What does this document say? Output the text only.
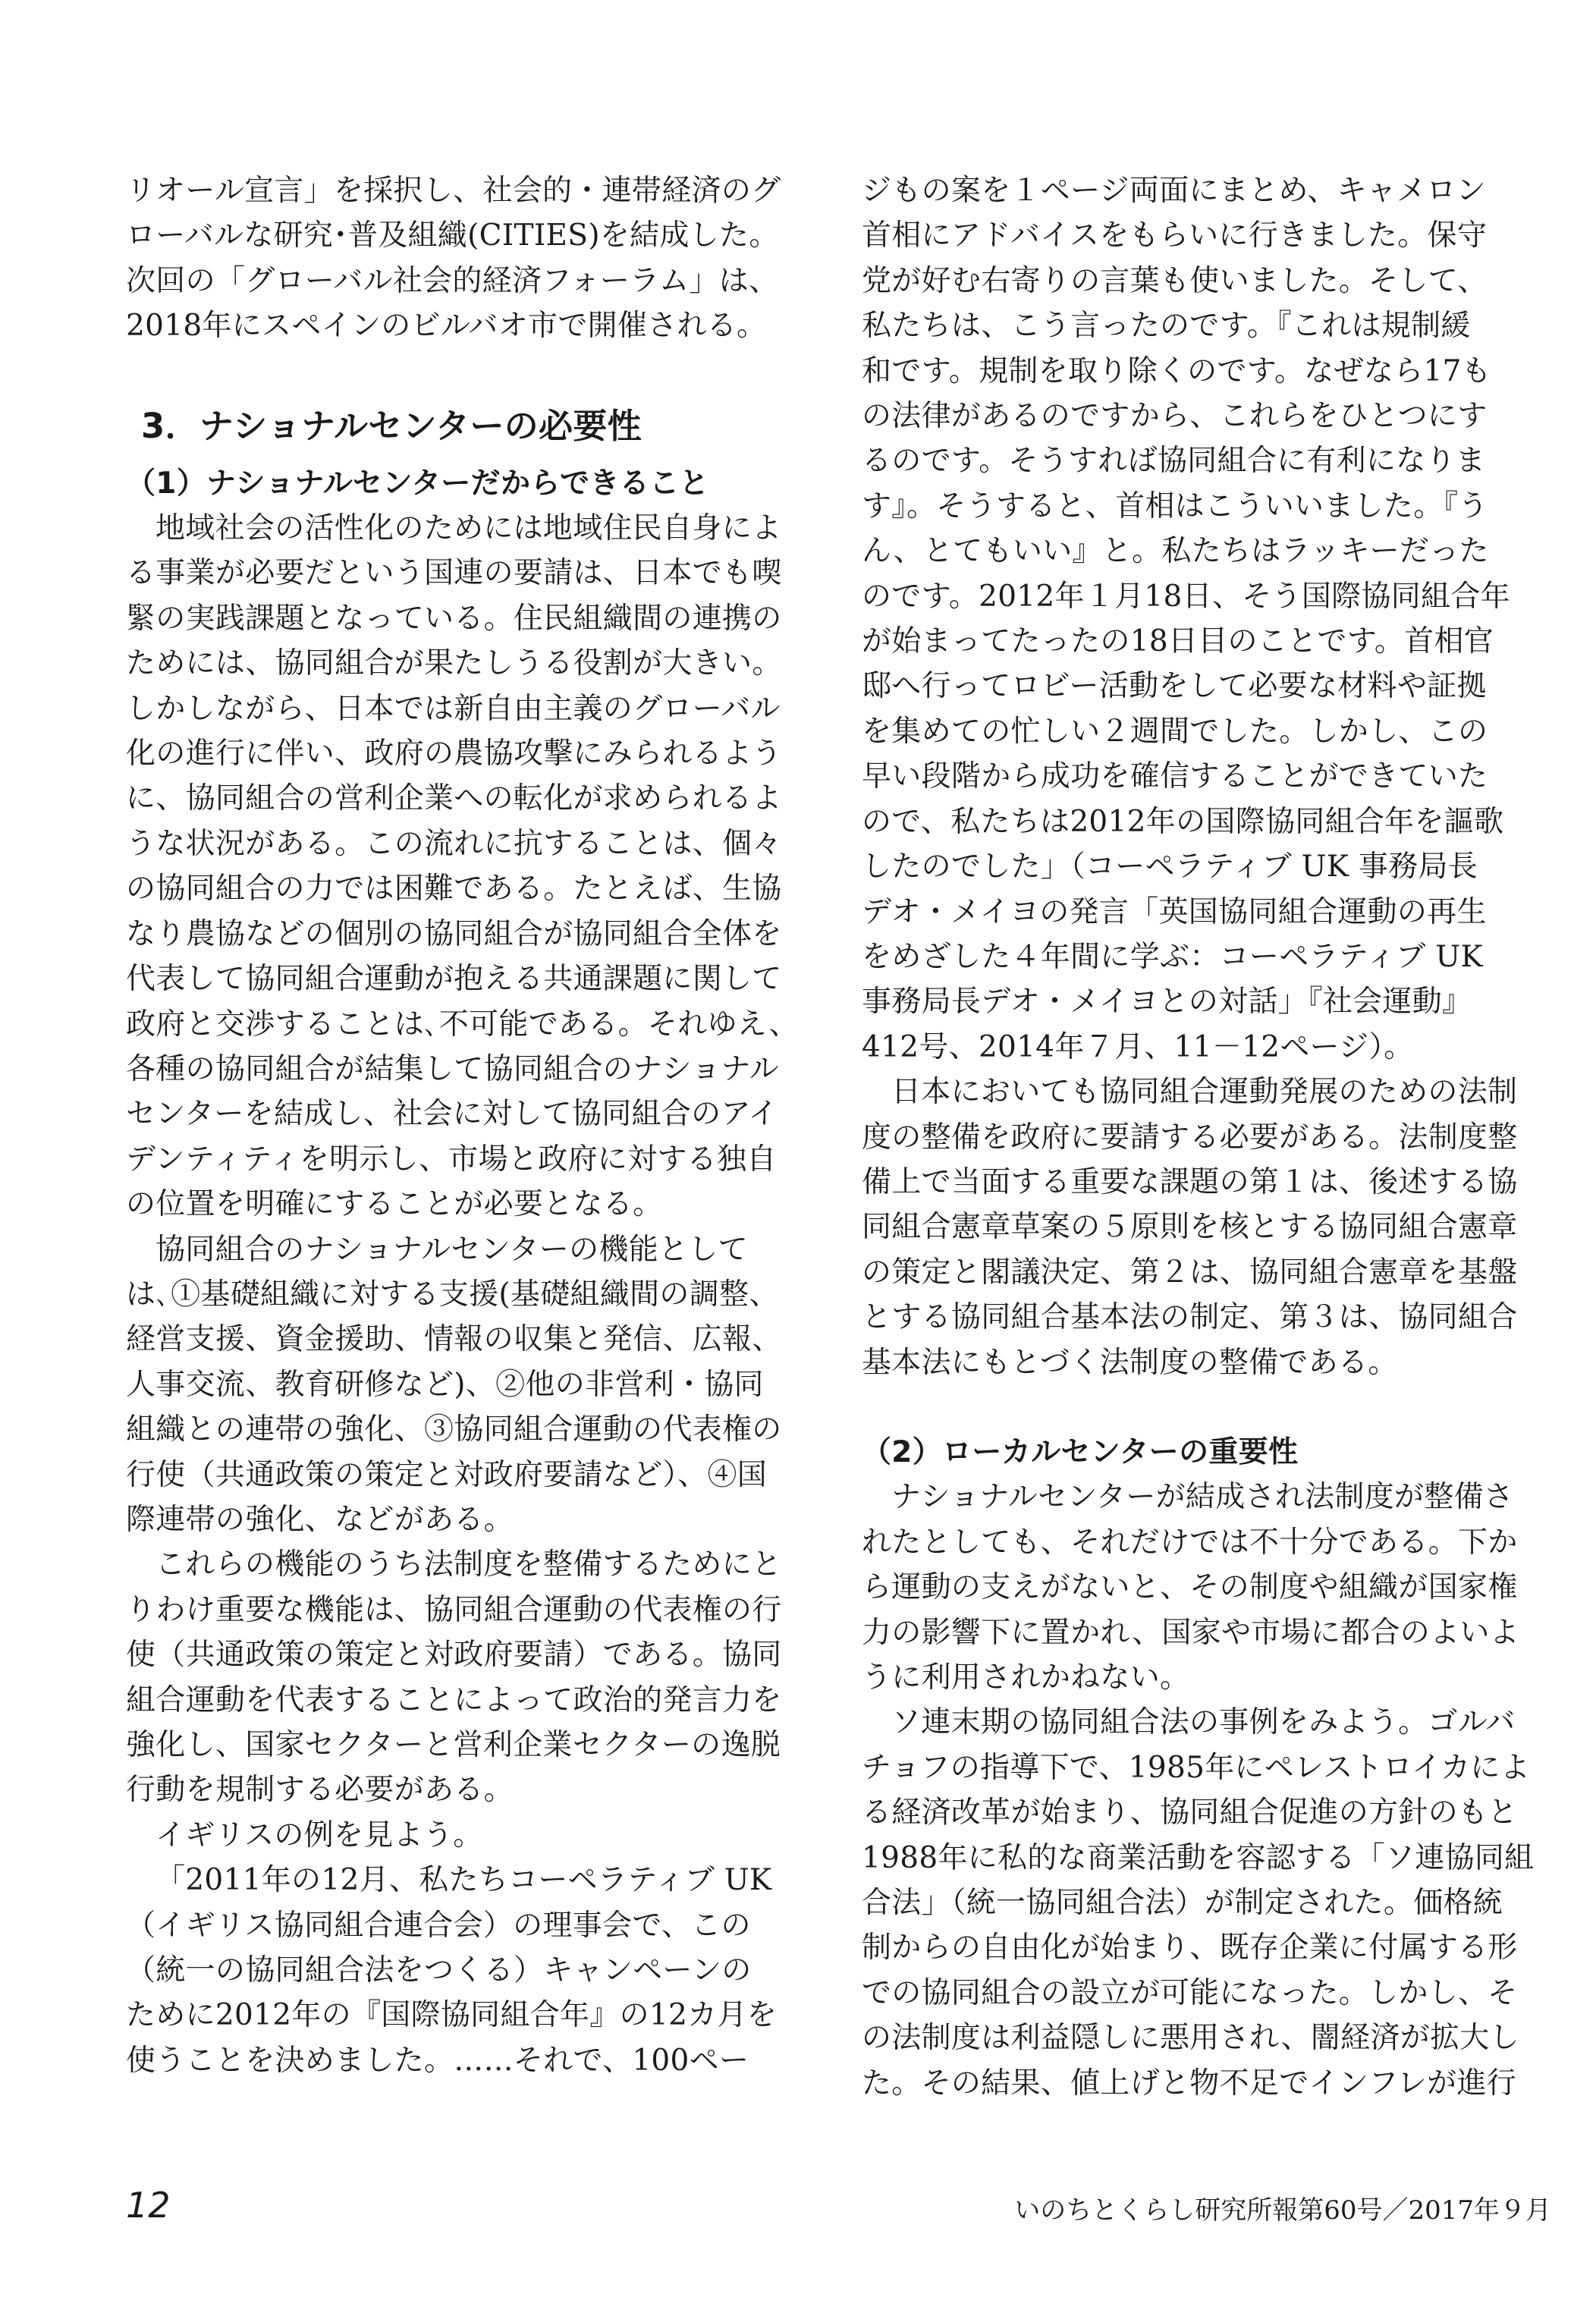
リオール宣言」を採択し、社会的・連帯経済のグ
ローバルな研究･普及組織(CITIES)を結成した。
次回の「グローバル社会的経済フォーラム」は、
2018年にスペインのビルバオ市で開催される。

3．ナショナルセンターの必要性
（1）ナショナルセンターだからできること

地域社会の活性化のためには地域住民自身によ
る事業が必要だという国連の要請は、日本でも喫
緊の実践課題となっている。住民組織間の連携の
ためには、協同組合が果たしうる役割が大きい。
しかしながら、日本では新自由主義のグローバル
化の進行に伴い、政府の農協攻撃にみられるよう
に、協同組合の営利企業への転化が求められるよ
うな状況がある。この流れに抗することは、個々
の協同組合の力では困難である。たとえば、生協
なり農協などの個別の協同組合が協同組合全体を
代表して協同組合運動が抱える共通課題に関して
政府と交渉することは､不可能である。それゆえ、
各種の協同組合が結集して協同組合のナショナル
センターを結成し、社会に対して協同組合のアイ
デンティティを明示し、市場と政府に対する独自
の位置を明確にすることが必要となる。

協同組合のナショナルセンターの機能として
は､①基礎組織に対する支援(基礎組織間の調整、
経営支援、資金援助、情報の収集と発信、広報、
人事交流、教育研修など)、②他の非営利・協同
組織との連帯の強化、③協同組合運動の代表権の
行使（共通政策の策定と対政府要請など）、④国
際連帯の強化、などがある。

これらの機能のうち法制度を整備するためにと
りわけ重要な機能は、協同組合運動の代表権の行
使（共通政策の策定と対政府要請）である。協同
組合運動を代表することによって政治的発言力を
強化し、国家セクターと営利企業セクターの逸脱
行動を規制する必要がある。

イギリスの例を見よう。

「2011年の12月、私たちコーペラティブ UK
（イギリス協同組合連合会）の理事会で、この
（統一の協同組合法をつくる）キャンペーンの
ために2012年の『国際協同組合年』の12カ月を
使うことを決めました。……それで、100ペー

ジもの案を１ページ両面にまとめ、キャメロン
首相にアドバイスをもらいに行きました。保守
党が好む右寄りの言葉も使いました。そして、
私たちは、こう言ったのです。『これは規制緩
和です。規制を取り除くのです。なぜなら17も
の法律があるのですから、これらをひとつにす
るのです。そうすれば協同組合に有利になりま
す』。そうすると、首相はこういいました。『う
ん、とてもいい』と。私たちはラッキーだった
のです。2012年１月18日、そう国際協同組合年
が始まってたったの18日目のことです。首相官
邸へ行ってロビー活動をして必要な材料や証拠
を集めての忙しい２週間でした。しかし、この
早い段階から成功を確信することができていた
ので、私たちは2012年の国際協同組合年を謳歌
したのでした」（コーペラティブ UK 事務局長
デオ・メイヨの発言「英国協同組合運動の再生
をめざした４年間に学ぶ：コーペラティブ UK
事務局長デオ・メイヨとの対話」『社会運動』
412号、2014年７月、11－12ページ）。

日本においても協同組合運動発展のための法制
度の整備を政府に要請する必要がある。法制度整
備上で当面する重要な課題の第１は、後述する協
同組合憲章草案の５原則を核とする協同組合憲章
の策定と閣議決定、第２は、協同組合憲章を基盤
とする協同組合基本法の制定、第３は、協同組合
基本法にもとづく法制度の整備である。

（2）ローカルセンターの重要性

ナショナルセンターが結成され法制度が整備さ
れたとしても、それだけでは不十分である。下か
ら運動の支えがないと、その制度や組織が国家権
力の影響下に置かれ、国家や市場に都合のよいよ
うに利用されかねない。

ソ連末期の協同組合法の事例をみよう。ゴルバ
チョフの指導下で、1985年にペレストロイカによ
る経済改革が始まり、協同組合促進の方針のもと
1988年に私的な商業活動を容認する「ソ連協同組
合法」（統一協同組合法）が制定された。価格統
制からの自由化が始まり、既存企業に付属する形
での協同組合の設立が可能になった。しかし、そ
の法制度は利益隠しに悪用され、闇経済が拡大し
た。その結果、値上げと物不足でインフレが進行

12	いのちとくらし研究所報第60号／2017年９月
